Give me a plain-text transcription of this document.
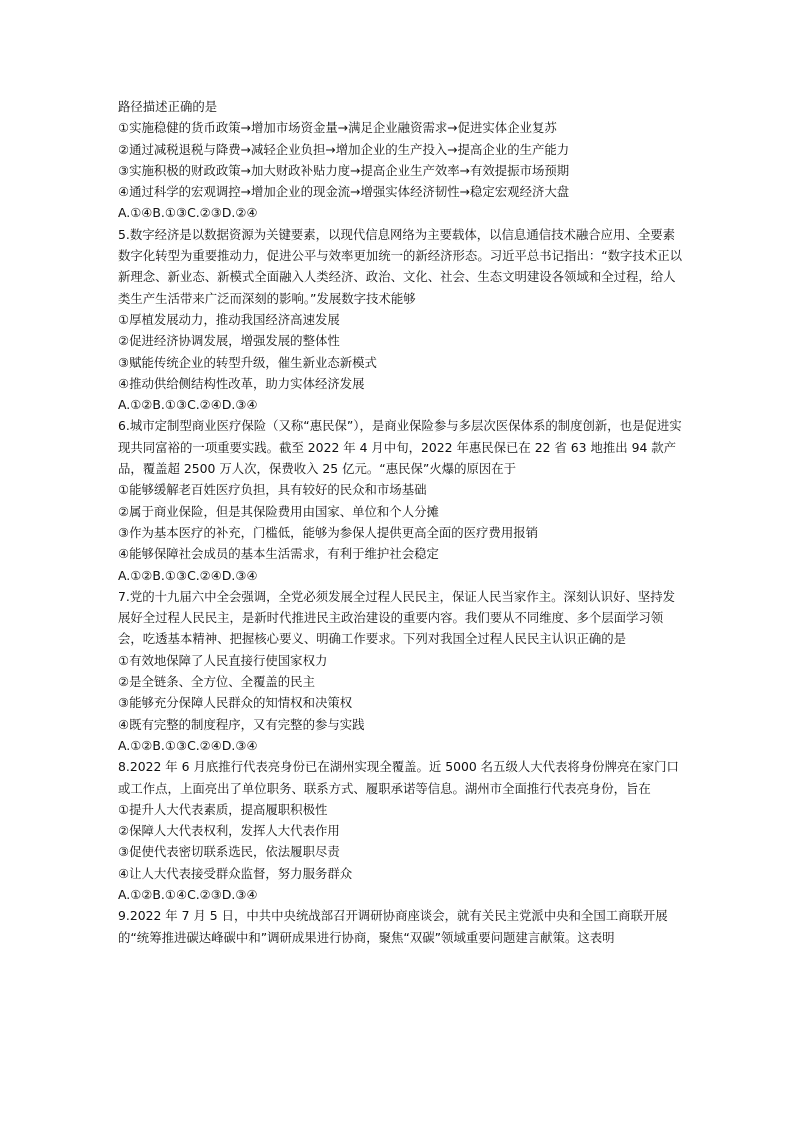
路径描述正确的是
①实施稳健的货币政策→增加市场资金量→满足企业融资需求→促进实体企业复苏
②通过减税退税与降费→减轻企业负担→增加企业的生产投入→提高企业的生产能力
③实施积极的财政政策→加大财政补贴力度→提高企业生产效率→有效提振市场预期
④通过科学的宏观调控→增加企业的现金流→增强实体经济韧性→稳定宏观经济大盘
A.①④B.①③C.②③D.②④
5.数字经济是以数据资源为关键要素，以现代信息网络为主要载体，以信息通信技术融合应用、全要素数字化转型为重要推动力，促进公平与效率更加统一的新经济形态。习近平总书记指出：“数字技术正以新理念、新业态、新模式全面融入人类经济、政治、文化、社会、生态文明建设各领域和全过程，给人类生产生活带来广泛而深刻的影响。”发展数字技术能够
①厚植发展动力，推动我国经济高速发展
②促进经济协调发展，增强发展的整体性
③赋能传统企业的转型升级，催生新业态新模式
④推动供给侧结构性改革，助力实体经济发展
A.①②B.①③C.②④D.③④
6.城市定制型商业医疗保险（又称“惠民保”），是商业保险参与多层次医保体系的制度创新，也是促进实现共同富裕的一项重要实践。截至 2022 年 4 月中旬，2022 年惠民保已在 22 省 63 地推出 94 款产品，覆盖超 2500 万人次，保费收入 25 亿元。“惠民保”火爆的原因在于
①能够缓解老百姓医疗负担，具有较好的民众和市场基础
②属于商业保险，但是其保险费用由国家、单位和个人分摊
③作为基本医疗的补充，门槛低，能够为参保人提供更高全面的医疗费用报销
④能够保障社会成员的基本生活需求，有利于维护社会稳定
A.①②B.①③C.②④D.③④
7.党的十九届六中全会强调，全党必须发展全过程人民民主，保证人民当家作主。深刻认识好、坚持发展好全过程人民民主，是新时代推进民主政治建设的重要内容。我们要从不同维度、多个层面学习领会，吃透基本精神、把握核心要义、明确工作要求。下列对我国全过程人民民主认识正确的是
①有效地保障了人民直接行使国家权力
②是全链条、全方位、全覆盖的民主
③能够充分保障人民群众的知情权和决策权
④既有完整的制度程序，又有完整的参与实践
A.①②B.①③C.②④D.③④
8.2022 年 6 月底推行代表亮身份已在湖州实现全覆盖。近 5000 名五级人大代表将身份牌亮在家门口或工作点，上面亮出了单位职务、联系方式、履职承诺等信息。湖州市全面推行代表亮身份，旨在
①提升人大代表素质，提高履职积极性
②保障人大代表权利，发挥人大代表作用
③促使代表密切联系选民，依法履职尽责
④让人大代表接受群众监督，努力服务群众
A.①②B.①④C.②③D.③④
9.2022 年 7 月 5 日，中共中央统战部召开调研协商座谈会，就有关民主党派中央和全国工商联开展的“统筹推进碳达峰碳中和”调研成果进行协商，聚焦“双碳”领域重要问题建言献策。这表明
